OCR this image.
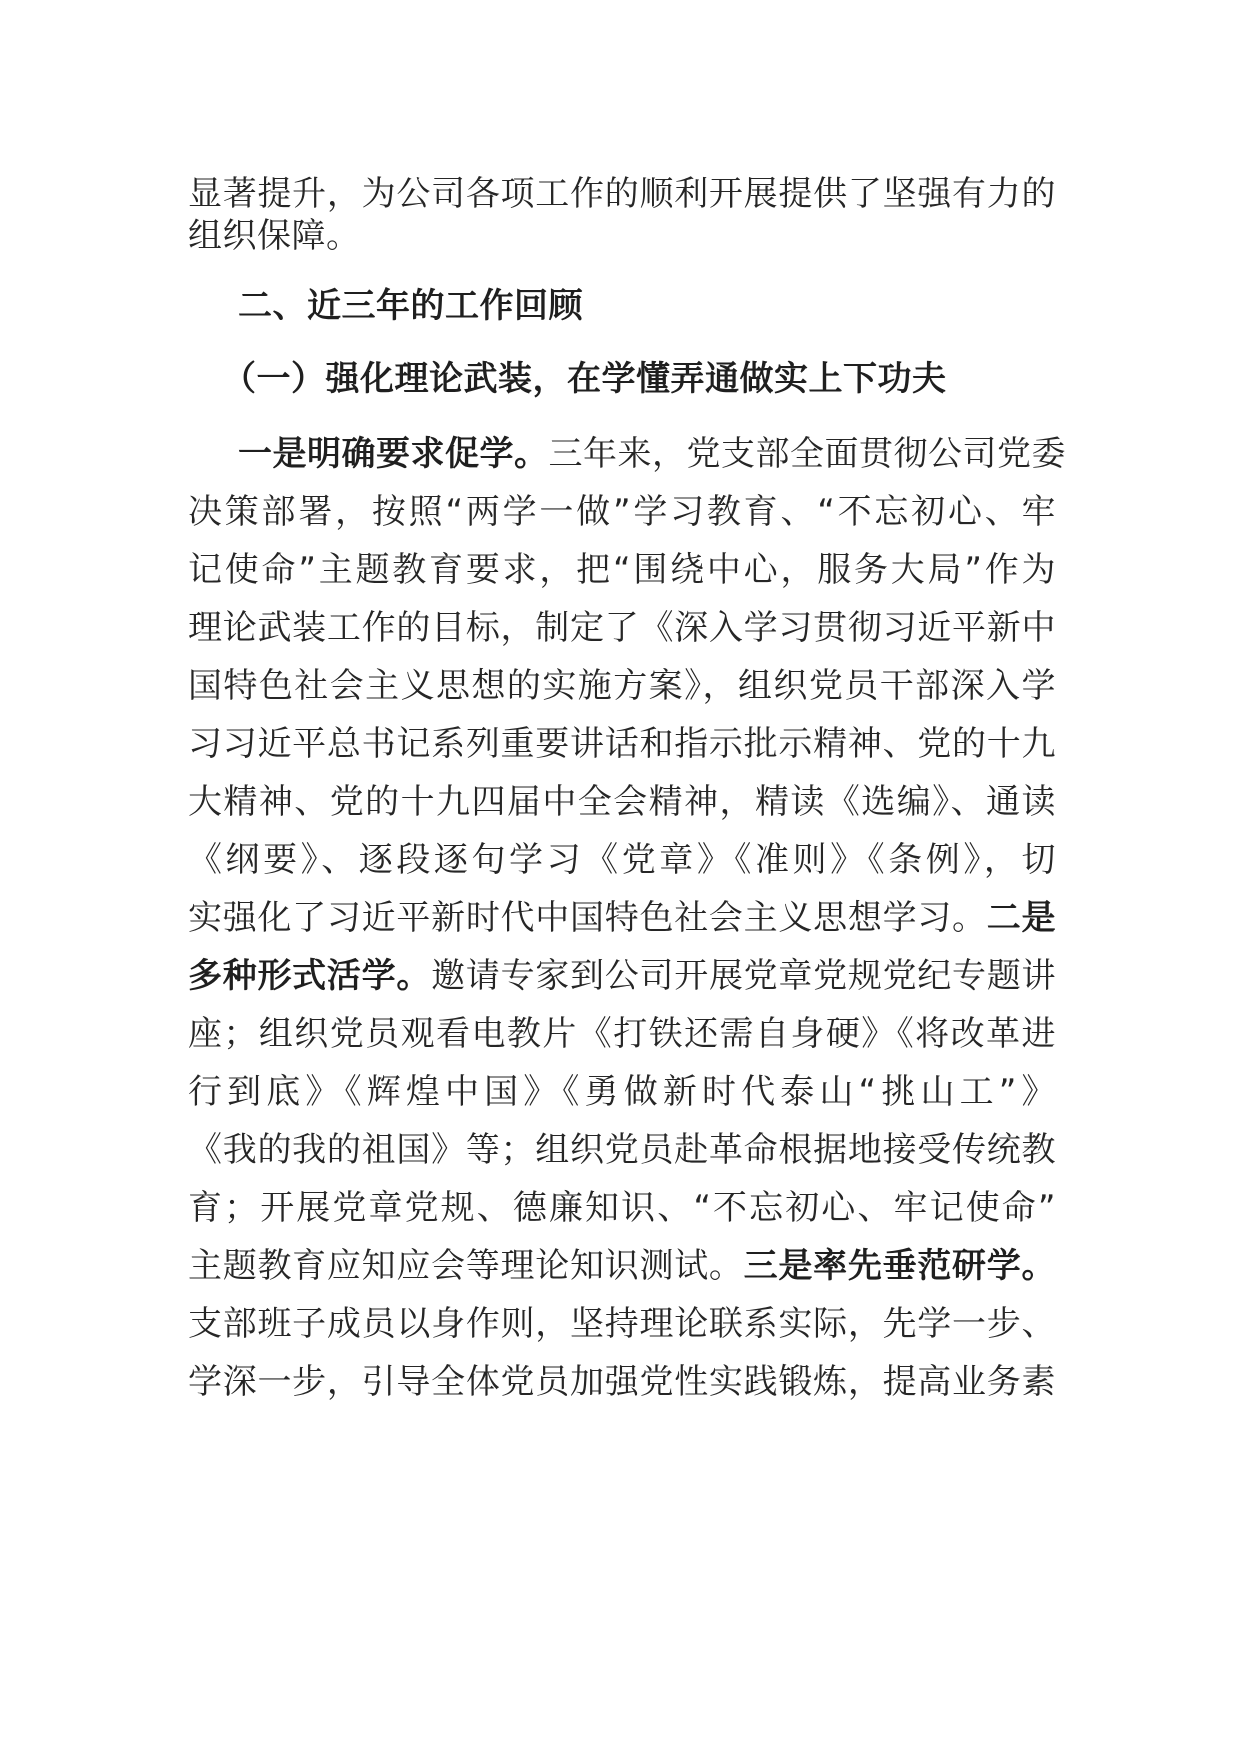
显著提升，为公司各项工作的顺利开展提供了坚强有力的
组织保障。
二、近三年的工作回顾
（一）强化理论武装，在学懂弄通做实上下功夫
一是明确要求促学。三年来，党支部全面贯彻公司党委
决策部署，按照“两学一做”学习教育、“不忘初心、牢
记使命”主题教育要求，把“围绕中心，服务大局”作为
理论武装工作的目标，制定了《深入学习贯彻习近平新中
国特色社会主义思想的实施方案》，组织党员干部深入学
习习近平总书记系列重要讲话和指示批示精神、党的十九
大精神、党的十九四届中全会精神，精读《选编》、通读
《纲要》、逐段逐句学习《党章》《准则》《条例》，切
实强化了习近平新时代中国特色社会主义思想学习。二是
多种形式活学。邀请专家到公司开展党章党规党纪专题讲
座；组织党员观看电教片《打铁还需自身硬》《将改革进
行到底》《辉煌中国》《勇做新时代泰山“挑山工”》
《我的我的祖国》等；组织党员赴革命根据地接受传统教
育；开展党章党规、德廉知识、“不忘初心、牢记使命”
主题教育应知应会等理论知识测试。三是率先垂范研学。
支部班子成员以身作则，坚持理论联系实际，先学一步、
学深一步，引导全体党员加强党性实践锻炼，提高业务素
